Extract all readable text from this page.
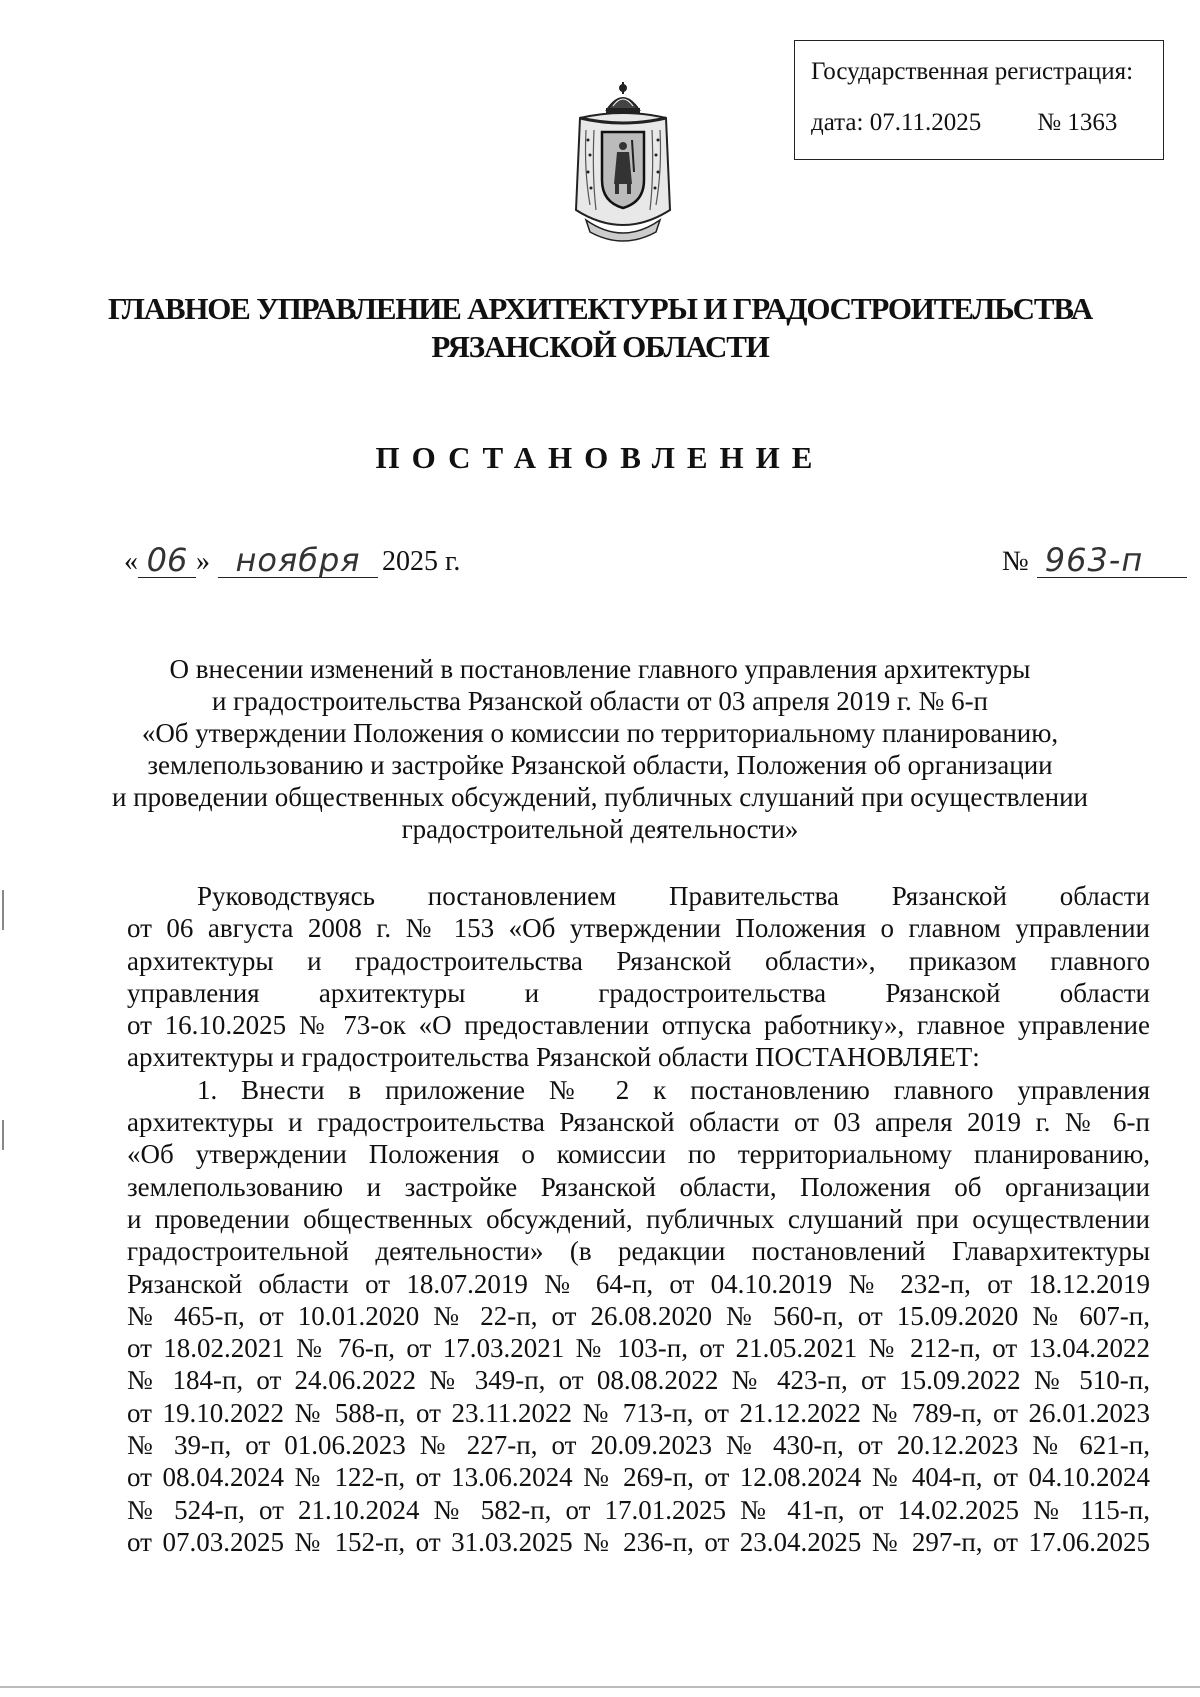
Государственная регистрация:
дата: 07.11.2025 № 1363
ГЛАВНОЕ УПРАВЛЕНИЕ АРХИТЕКТУРЫ И ГРАДОСТРОИТЕЛЬСТВА
РЯЗАНСКОЙ ОБЛАСТИ
ПОСТАНОВЛЕНИЕ
« 06 » ноября 2025 г.	№ 963-п
О внесении изменений в постановление главного управления архитектуры
и градостроительства Рязанской области от 03 апреля 2019 г. № 6-п
«Об утверждении Положения о комиссии по территориальному планированию,
землепользованию и застройке Рязанской области, Положения об организации
и проведении общественных обсуждений, публичных слушаний при осуществлении
градостроительной деятельности»
Руководствуясь постановлением Правительства Рязанской области
от 06 августа 2008 г. № 153 «Об утверждении Положения о главном управлении
архитектуры и градостроительства Рязанской области», приказом главного
управления архитектуры и градостроительства Рязанской области
от 16.10.2025 № 73-ок «О предоставлении отпуска работнику», главное управление
архитектуры и градостроительства Рязанской области ПОСТАНОВЛЯЕТ:
1. Внести в приложение № 2 к постановлению главного управления
архитектуры и градостроительства Рязанской области от 03 апреля 2019 г. № 6-п
«Об утверждении Положения о комиссии по территориальному планированию,
землепользованию и застройке Рязанской области, Положения об организации
и проведении общественных обсуждений, публичных слушаний при осуществлении
градостроительной деятельности» (в редакции постановлений Главархитектуры
Рязанской области от 18.07.2019 № 64-п, от 04.10.2019 № 232-п, от 18.12.2019
№ 465-п, от 10.01.2020 № 22-п, от 26.08.2020 № 560-п, от 15.09.2020 № 607-п,
от 18.02.2021 № 76-п, от 17.03.2021 № 103-п, от 21.05.2021 № 212-п, от 13.04.2022
№ 184-п, от 24.06.2022 № 349-п, от 08.08.2022 № 423-п, от 15.09.2022 № 510-п,
от 19.10.2022 № 588-п, от 23.11.2022 № 713-п, от 21.12.2022 № 789-п, от 26.01.2023
№ 39-п, от 01.06.2023 № 227-п, от 20.09.2023 № 430-п, от 20.12.2023 № 621-п,
от 08.04.2024 № 122-п, от 13.06.2024 № 269-п, от 12.08.2024 № 404-п, от 04.10.2024
№ 524-п, от 21.10.2024 № 582-п, от 17.01.2025 № 41-п, от 14.02.2025 № 115-п,
от 07.03.2025 № 152-п, от 31.03.2025 № 236-п, от 23.04.2025 № 297-п, от 17.06.2025
